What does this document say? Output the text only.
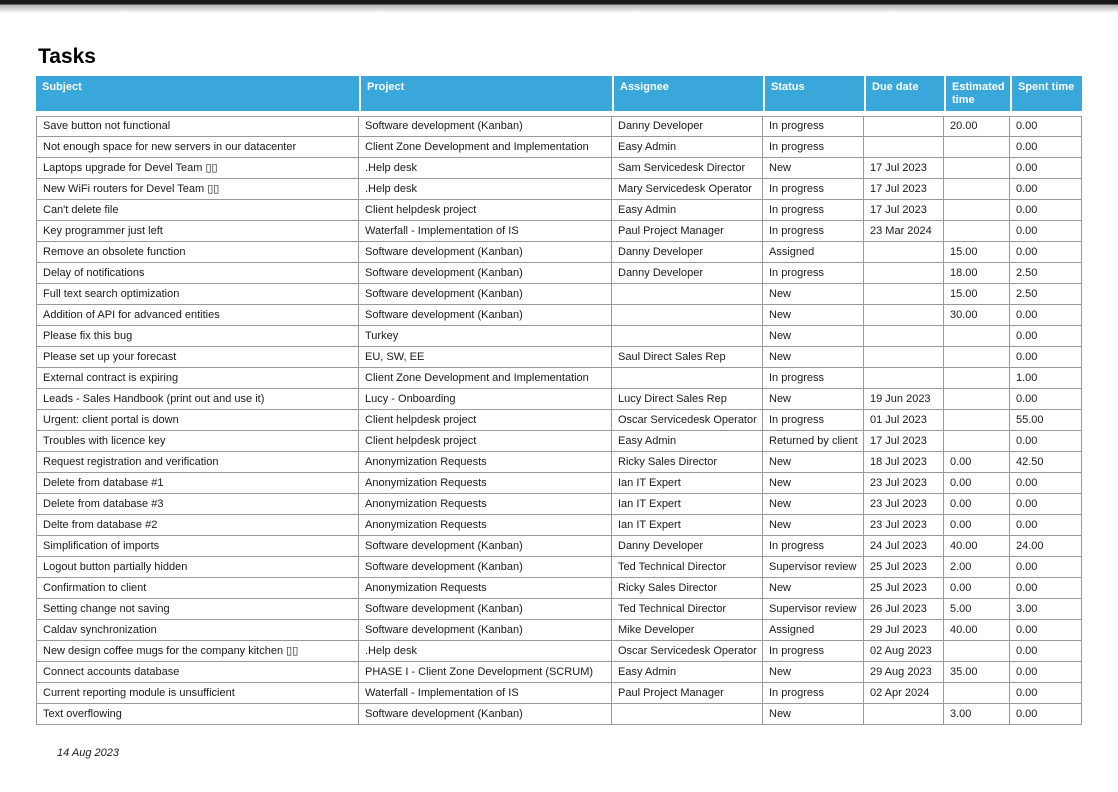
Tasks
Subject	Project	Assignee	Status	Due date	Estimated time	Spent time

Save button not functional	Software development (Kanban)	Danny Developer	In progress		20.00	0.00
Not enough space for new servers in our datacenter	Client Zone Development and Implementation	Easy Admin	In progress			0.00
Laptops upgrade for Devel Team ▯▯	.Help desk	Sam Servicedesk Director	New	17 Jul 2023		0.00
New WiFi routers for Devel Team ▯▯	.Help desk	Mary Servicedesk Operator	In progress	17 Jul 2023		0.00
Can't delete file	Client helpdesk project	Easy Admin	In progress	17 Jul 2023		0.00
Key programmer just left	Waterfall - Implementation of IS	Paul Project Manager	In progress	23 Mar 2024		0.00
Remove an obsolete function	Software development (Kanban)	Danny Developer	Assigned		15.00	0.00
Delay of notifications	Software development (Kanban)	Danny Developer	In progress		18.00	2.50
Full text search optimization	Software development (Kanban)		New		15.00	2.50
Addition of API for advanced entities	Software development (Kanban)		New		30.00	0.00
Please fix this bug	Turkey		New			0.00
Please set up your forecast	EU, SW, EE	Saul Direct Sales Rep	New			0.00
External contract is expiring	Client Zone Development and Implementation		In progress			1.00
Leads - Sales Handbook (print out and use it)	Lucy - Onboarding	Lucy Direct Sales Rep	New	19 Jun 2023		0.00
Urgent: client portal is down	Client helpdesk project	Oscar Servicedesk Operator	In progress	01 Jul 2023		55.00
Troubles with licence key	Client helpdesk project	Easy Admin	Returned by client	17 Jul 2023		0.00
Request registration and verification	Anonymization Requests	Ricky Sales Director	New	18 Jul 2023	0.00	42.50
Delete from database #1	Anonymization Requests	Ian IT Expert	New	23 Jul 2023	0.00	0.00
Delete from database #3	Anonymization Requests	Ian IT Expert	New	23 Jul 2023	0.00	0.00
Delte from database #2	Anonymization Requests	Ian IT Expert	New	23 Jul 2023	0.00	0.00
Simplification of imports	Software development (Kanban)	Danny Developer	In progress	24 Jul 2023	40.00	24.00
Logout button partially hidden	Software development (Kanban)	Ted Technical Director	Supervisor review	25 Jul 2023	2.00	0.00
Confirmation to client	Anonymization Requests	Ricky Sales Director	New	25 Jul 2023	0.00	0.00
Setting change not saving	Software development (Kanban)	Ted Technical Director	Supervisor review	26 Jul 2023	5.00	3.00
Caldav synchronization	Software development (Kanban)	Mike Developer	Assigned	29 Jul 2023	40.00	0.00
New design coffee mugs for the company kitchen ▯▯	.Help desk	Oscar Servicedesk Operator	In progress	02 Aug 2023		0.00
Connect accounts database	PHASE I - Client Zone Development (SCRUM)	Easy Admin	New	29 Aug 2023	35.00	0.00
Current reporting module is unsufficient	Waterfall - Implementation of IS	Paul Project Manager	In progress	02 Apr 2024		0.00
Text overflowing	Software development (Kanban)		New		3.00	0.00
14 Aug 2023
